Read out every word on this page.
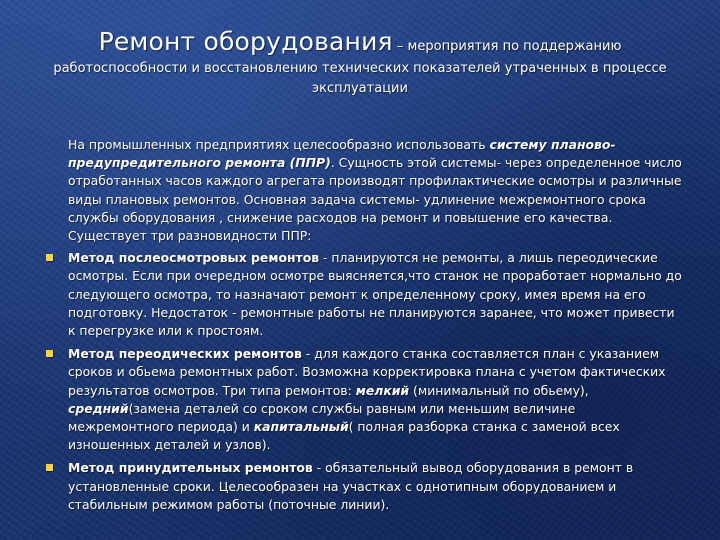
Ремонт оборудования – мероприятия по поддержанию
работоспособности и восстановлению технических показателей утраченных в процессе эксплуатации

На промышленных предприятиях целесообразно использовать систему планово-предупредительного ремонта (ППР). Сущность этой системы- через определенное число отработанных часов каждого агрегата производят профилактические осмотры и различные виды плановых ремонтов. Основная задача системы- удлинение межремонтного срока службы оборудования , снижение расходов на ремонт и повышение его качества. Существует три разновидности ППР:

Метод послеосмотровых ремонтов - планируются не ремонты, а лишь переодические осмотры. Если при очередном осмотре выясняется,что станок не проработает нормально до следующего осмотра, то назначают ремонт к определенному сроку, имея время на его подготовку. Недостаток - ремонтные работы не планируются заранее, что может привести к перегрузке или к простоям.
Метод переодических ремонтов - для каждого станка составляется план с указанием сроков и обьема ремонтных работ. Возможна корректировка плана с учетом фактических результатов осмотров. Три типа ремонтов: мелкий (минимальный по обьему), средний(замена деталей со сроком службы равным или меньшим величине межремонтного периода) и капитальный( полная разборка станка с заменой всех изношенных деталей и узлов).
Метод принудительных ремонтов - обязательный вывод оборудования в ремонт в установленные сроки. Целесообразен на участках с однотипным оборудованием и стабильным режимом работы (поточные линии).
